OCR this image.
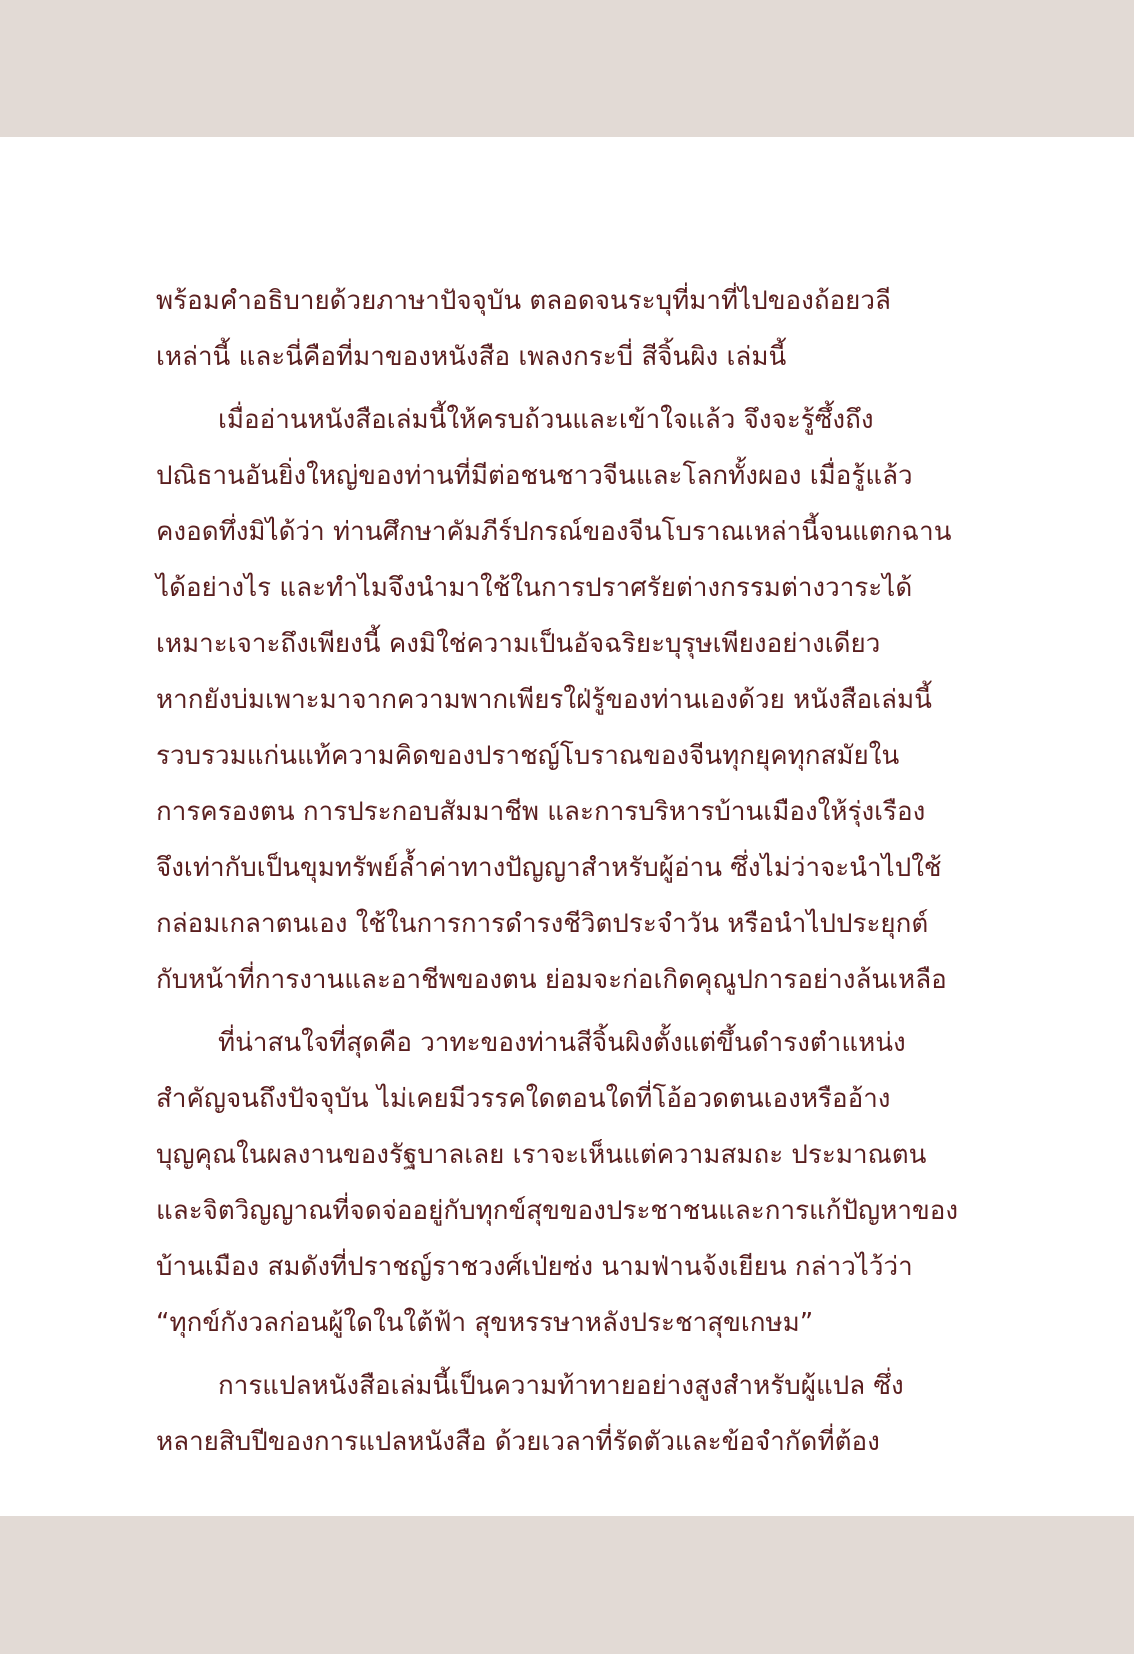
พร้อมคำอธิบายด้วยภาษาปัจจุบัน ตลอดจนระบุที่มาที่ไปของถ้อยวลี
เหล่านี้ และนี่คือที่มาของหนังสือ เพลงกระบี่ สีจิ้นผิง เล่มนี้
เมื่ออ่านหนังสือเล่มนี้ให้ครบถ้วนและเข้าใจแล้ว จึงจะรู้ซึ้งถึง
ปณิธานอันยิ่งใหญ่ของท่านที่มีต่อชนชาวจีนและโลกทั้งผอง เมื่อรู้แล้ว
คงอดทึ่งมิได้ว่า ท่านศึกษาคัมภีร์ปกรณ์ของจีนโบราณเหล่านี้จนแตกฉาน
ได้อย่างไร และทำไมจึงนำมาใช้ในการปราศรัยต่างกรรมต่างวาระได้
เหมาะเจาะถึงเพียงนี้ คงมิใช่ความเป็นอัจฉริยะบุรุษเพียงอย่างเดียว
หากยังบ่มเพาะมาจากความพากเพียรใฝ่รู้ของท่านเองด้วย หนังสือเล่มนี้
รวบรวมแก่นแท้ความคิดของปราชญ์โบราณของจีนทุกยุคทุกสมัยใน
การครองตน การประกอบสัมมาชีพ และการบริหารบ้านเมืองให้รุ่งเรือง
จึงเท่ากับเป็นขุมทรัพย์ล้ำค่าทางปัญญาสำหรับผู้อ่าน ซึ่งไม่ว่าจะนำไปใช้
กล่อมเกลาตนเอง ใช้ในการการดำรงชีวิตประจำวัน หรือนำไปประยุกต์
กับหน้าที่การงานและอาชีพของตน ย่อมจะก่อเกิดคุณูปการอย่างล้นเหลือ
ที่น่าสนใจที่สุดคือ วาทะของท่านสีจิ้นผิงตั้งแต่ขึ้นดำรงตำแหน่ง
สำคัญจนถึงปัจจุบัน ไม่เคยมีวรรคใดตอนใดที่โอ้อวดตนเองหรืออ้าง
บุญคุณในผลงานของรัฐบาลเลย เราจะเห็นแต่ความสมถะ ประมาณตน
และจิตวิญญาณที่จดจ่ออยู่กับทุกข์สุขของประชาชนและการแก้ปัญหาของ
บ้านเมือง สมดังที่ปราชญ์ราชวงศ์เป่ยซ่ง นามฟ่านจ้งเยียน กล่าวไว้ว่า
“ทุกข์กังวลก่อนผู้ใดในใต้ฟ้า สุขหรรษาหลังประชาสุขเกษม”
การแปลหนังสือเล่มนี้เป็นความท้าทายอย่างสูงสำหรับผู้แปล ซึ่ง
หลายสิบปีของการแปลหนังสือ ด้วยเวลาที่รัดตัวและข้อจำกัดที่ต้อง
